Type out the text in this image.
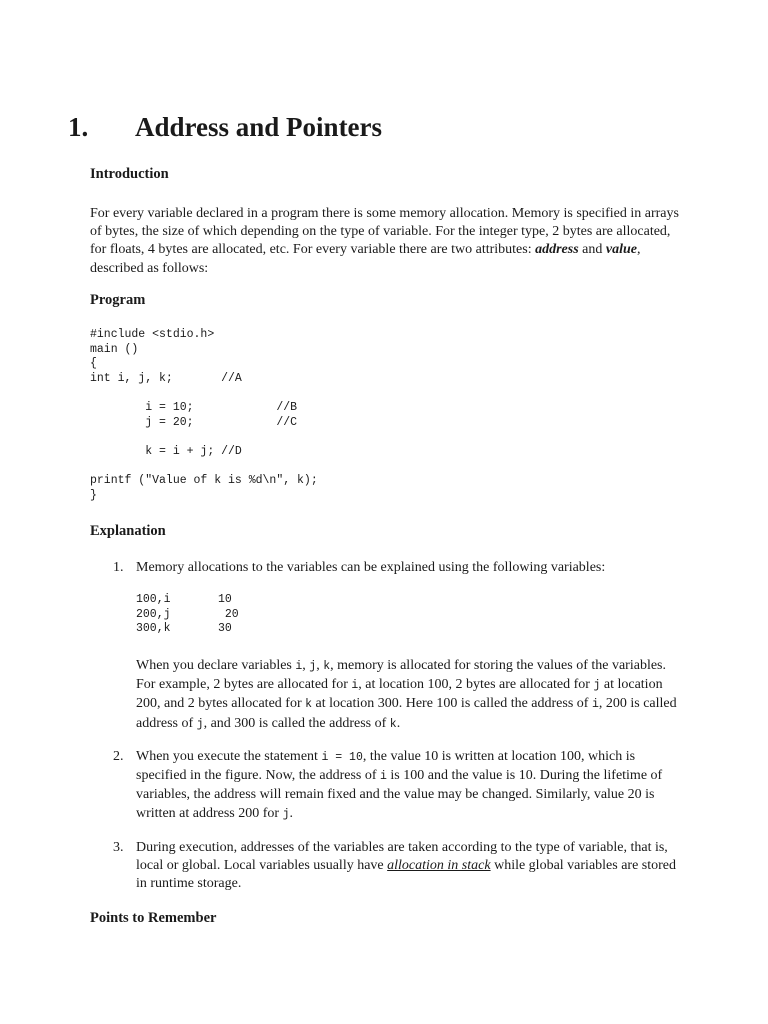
1.	Address and Pointers
Introduction

For every variable declared in a program there is some memory allocation. Memory is specified in arrays of bytes, the size of which depending on the type of variable. For the integer type, 2 bytes are allocated, for floats, 4 bytes are allocated, etc. For every variable there are two attributes: address and value, described as follows:

Program
#include <stdio.h>
main ()
{
int i, j, k;       //A

i = 10;            //B
j = 20;            //C

k = i + j; //D

printf ("Value of k is %d\n", k);
}
Explanation
1. Memory allocations to the variables can be explained using the following variables:

100,i	10
200,j	20
300,k	30

When you declare variables i, j, k, memory is allocated for storing the values of the variables. For example, 2 bytes are allocated for i, at location 100, 2 bytes are allocated for j at location 200, and 2 bytes allocated for k at location 300. Here 100 is called the address of i, 200 is called address of j, and 300 is called the address of k.

2. When you execute the statement i = 10, the value 10 is written at location 100, which is specified in the figure. Now, the address of i is 100 and the value is 10. During the lifetime of variables, the address will remain fixed and the value may be changed. Similarly, value 20 is written at address 200 for j.

3. During execution, addresses of the variables are taken according to the type of variable, that is, local or global. Local variables usually have allocation in stack while global variables are stored in runtime storage.

Points to Remember
